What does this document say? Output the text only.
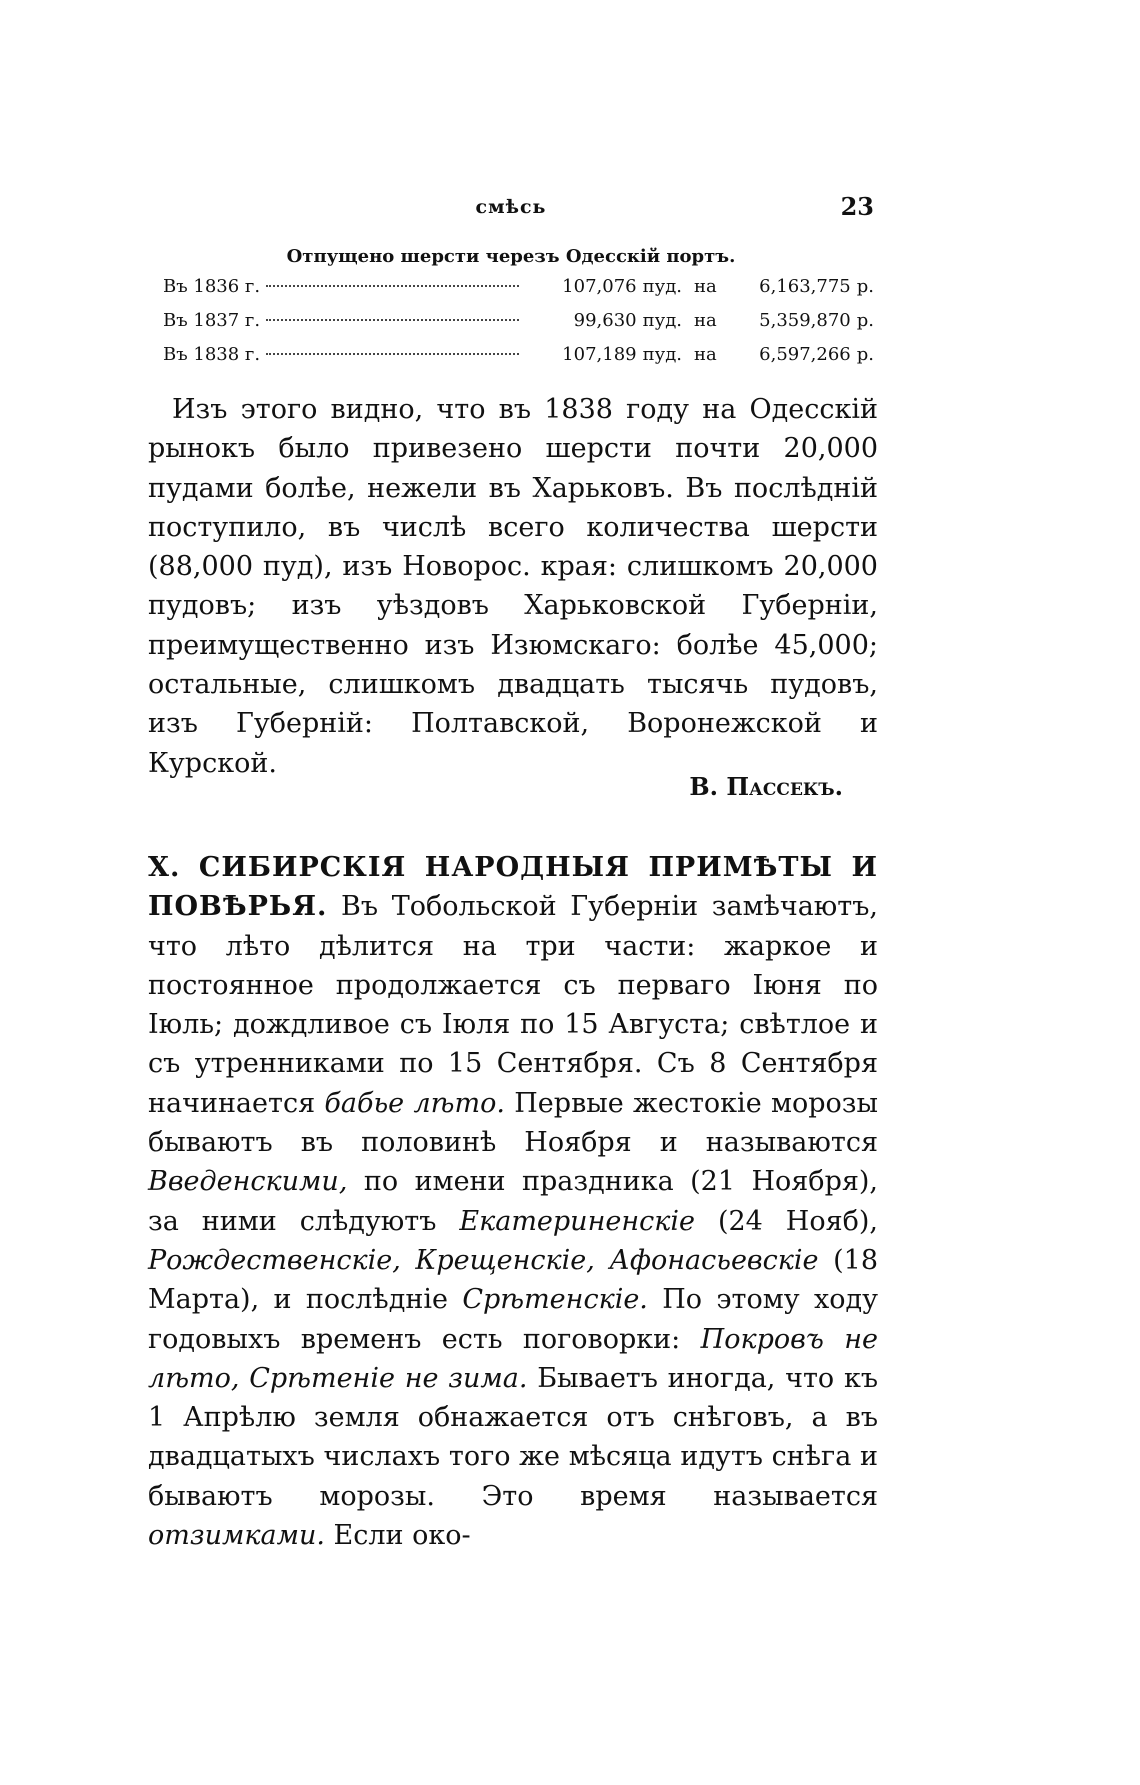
смѣсь	23
Отпущено шерсти черезъ Одесскій портъ.
Въ 1836 г.	107,076 пуд. на	6,163,775 р.
Въ 1837 г.	99,630 пуд. на	5,359,870 р.
Въ 1838 г.	107,189 пуд. на	6,597,266 р.

Изъ этого видно, что въ 1838 году на Одесскій рынокъ было привезено шерсти почти 20,000 пудами болѣе, нежели въ Харьковъ. Въ послѣдній поступило, въ числѣ всего количества шерсти (88,000 пуд), изъ Новорос. края: слишкомъ 20,000 пудовъ; изъ уѣздовъ Харьковской Губерніи, преимущественно изъ Изюмскаго: болѣе 45,000; остальные, слишкомъ двадцать тысячь пудовъ, изъ Губерній: Полтавской, Воронежской и Курской.

В. Пассекъ.

X. СИБИРСКІЯ НАРОДНЫЯ ПРИМѢТЫ И ПОВѢРЬЯ. Въ Тобольской Губерніи замѣчаютъ, что лѣто дѣлится на три части: жаркое и постоянное продолжается съ перваго Іюня по Іюль; дождливое съ Іюля по 15 Августа; свѣтлое и съ утренниками по 15 Сентября. Съ 8 Сентября начинается бабье лѣто. Первые жестокіе морозы бываютъ въ половинѣ Ноября и называются Введенскими, по имени праздника (21 Ноября), за ними слѣдуютъ Екатериненскіе (24 Нояб), Рождественскіе, Крещенскіе, Афонасьевскіе (18 Марта), и послѣдніе Срѣтенскіе. По этому ходу годовыхъ временъ есть поговорки: Покровъ не лѣто, Срѣтеніе не зима. Бываетъ иногда, что къ 1 Апрѣлю земля обнажается отъ снѣговъ, а въ двадцатыхъ числахъ того же мѣсяца идутъ снѣга и бываютъ морозы. Это время называется отзимками. Если око-
